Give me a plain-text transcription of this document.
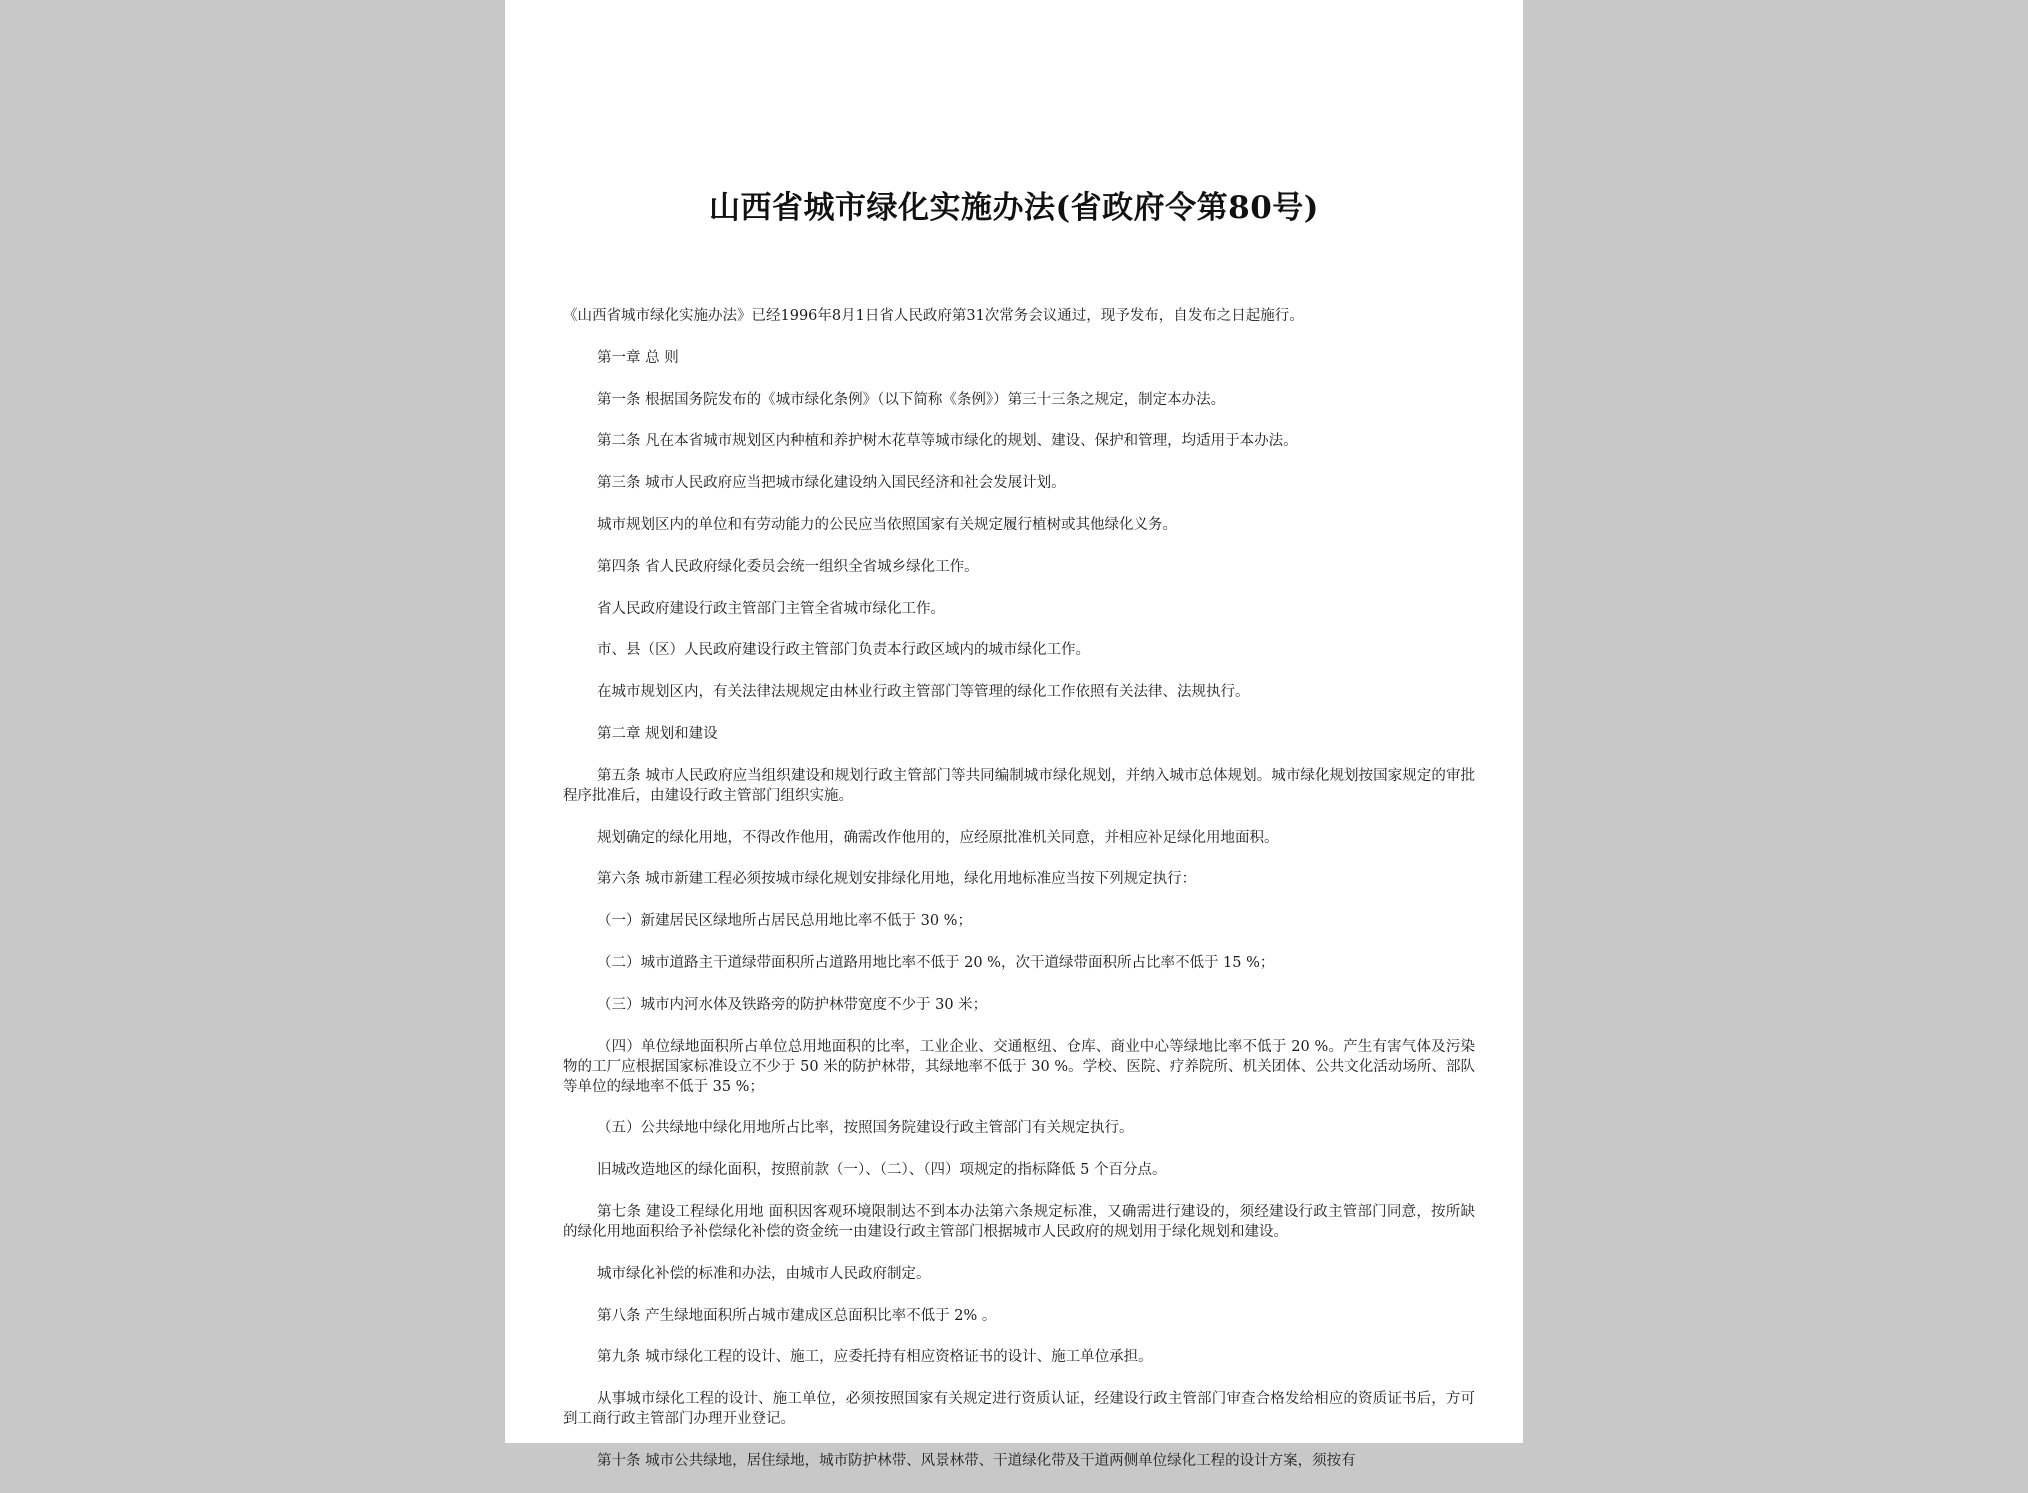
山西省城市绿化实施办法(省政府令第80号)

《山西省城市绿化实施办法》已经1996年8月1日省人民政府第31次常务会议通过，现予发布，自发布之日起施行。

第一章 总 则

第一条 根据国务院发布的《城市绿化条例》（以下简称《条例》）第三十三条之规定，制定本办法。

第二条 凡在本省城市规划区内种植和养护树木花草等城市绿化的规划、建设、保护和管理，均适用于本办法。

第三条 城市人民政府应当把城市绿化建设纳入国民经济和社会发展计划。

城市规划区内的单位和有劳动能力的公民应当依照国家有关规定履行植树或其他绿化义务。

第四条 省人民政府绿化委员会统一组织全省城乡绿化工作。

省人民政府建设行政主管部门主管全省城市绿化工作。

市、县（区）人民政府建设行政主管部门负责本行政区域内的城市绿化工作。

在城市规划区内，有关法律法规规定由林业行政主管部门等管理的绿化工作依照有关法律、法规执行。

第二章 规划和建设

第五条 城市人民政府应当组织建设和规划行政主管部门等共同编制城市绿化规划，并纳入城市总体规划。城市绿化规划按国家规定的审批程序批准后，由建设行政主管部门组织实施。

规划确定的绿化用地，不得改作他用，确需改作他用的，应经原批准机关同意，并相应补足绿化用地面积。

第六条 城市新建工程必须按城市绿化规划安排绿化用地，绿化用地标准应当按下列规定执行：

（一）新建居民区绿地所占居民总用地比率不低于 30 %；

（二）城市道路主干道绿带面积所占道路用地比率不低于 20 %，次干道绿带面积所占比率不低于 15 %；

（三）城市内河水体及铁路旁的防护林带宽度不少于 30 米；

（四）单位绿地面积所占单位总用地面积的比率，工业企业、交通枢纽、仓库、商业中心等绿地比率不低于 20 %。产生有害气体及污染物的工厂应根据国家标准设立不少于 50 米的防护林带，其绿地率不低于 30 %。学校、医院、疗养院所、机关团体、公共文化活动场所、部队等单位的绿地率不低于 35 %；

（五）公共绿地中绿化用地所占比率，按照国务院建设行政主管部门有关规定执行。

旧城改造地区的绿化面积，按照前款（一）、（二）、（四）项规定的指标降低 5 个百分点。

第七条 建设工程绿化用地 面积因客观环境限制达不到本办法第六条规定标准，又确需进行建设的，须经建设行政主管部门同意，按所缺的绿化用地面积给予补偿绿化补偿的资金统一由建设行政主管部门根据城市人民政府的规划用于绿化规划和建设。

城市绿化补偿的标准和办法，由城市人民政府制定。

第八条 产生绿地面积所占城市建成区总面积比率不低于 2% 。

第九条 城市绿化工程的设计、施工，应委托持有相应资格证书的设计、施工单位承担。

从事城市绿化工程的设计、施工单位，必须按照国家有关规定进行资质认证，经建设行政主管部门审查合格发给相应的资质证书后，方可到工商行政主管部门办理开业登记。

第十条 城市公共绿地，居住绿地，城市防护林带、风景林带、干道绿化带及干道两侧单位绿化工程的设计方案，须按有
